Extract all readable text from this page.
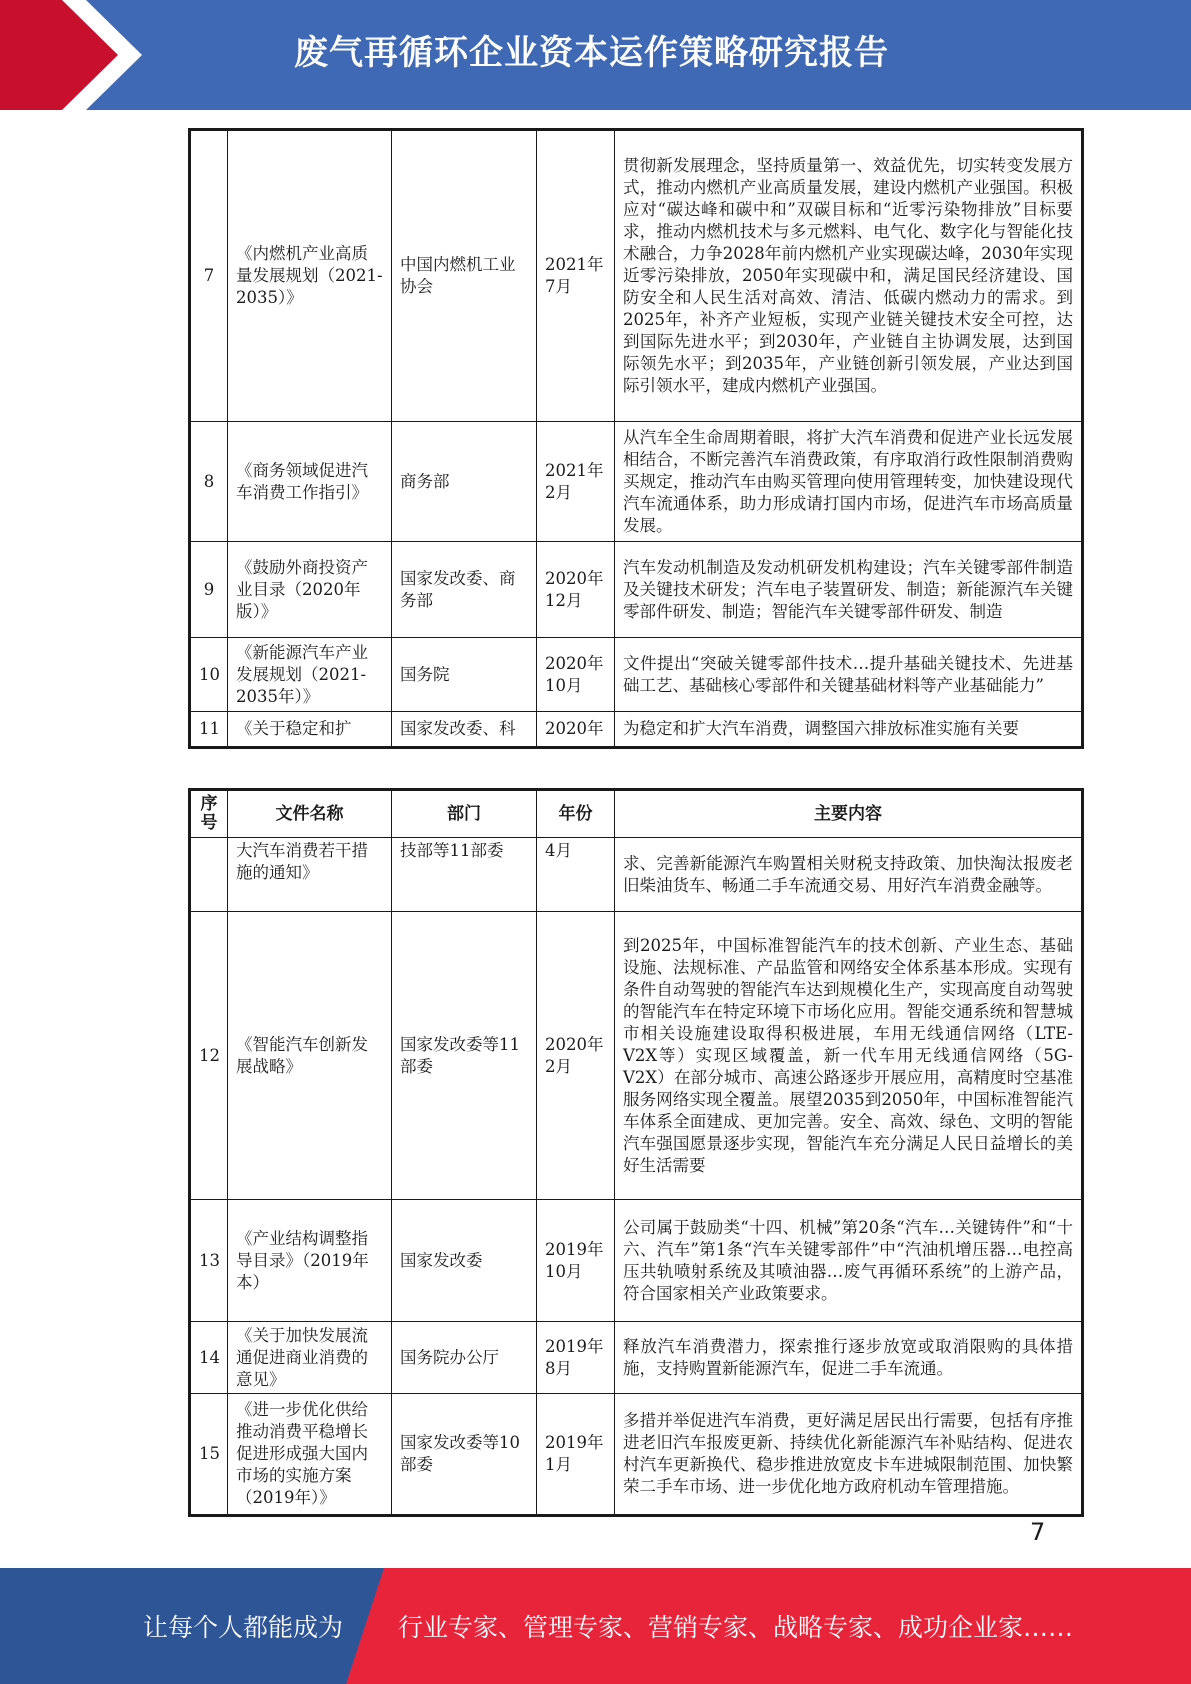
废气再循环企业资本运作策略研究报告
7	《内燃机产业高质量发展规划（2021-2035）》	中国内燃机工业协会	2021年7月	贯彻新发展理念，坚持质量第一、效益优先，切实转变发展方式，推动内燃机产业高质量发展，建设内燃机产业强国。积极应对“碳达峰和碳中和”双碳目标和“近零污染物排放”目标要求，推动内燃机技术与多元燃料、电气化、数字化与智能化技术融合，力争2028年前内燃机产业实现碳达峰，2030年实现近零污染排放，2050年实现碳中和，满足国民经济建设、国防安全和人民生活对高效、清洁、低碳内燃动力的需求。到2025年，补齐产业短板，实现产业链关键技术安全可控，达到国际先进水平；到2030年，产业链自主协调发展，达到国际领先水平；到2035年，产业链创新引领发展，产业达到国际引领水平，建成内燃机产业强国。
8	《商务领域促进汽车消费工作指引》	商务部	2021年2月	从汽车全生命周期着眼，将扩大汽车消费和促进产业长远发展相结合，不断完善汽车消费政策，有序取消行政性限制消费购买规定，推动汽车由购买管理向使用管理转变，加快建设现代汽车流通体系，助力形成请打国内市场，促进汽车市场高质量发展。
9	《鼓励外商投资产业目录（2020年版）》	国家发改委、商务部	2020年12月	汽车发动机制造及发动机研发机构建设；汽车关键零部件制造及关键技术研发；汽车电子装置研发、制造；新能源汽车关键零部件研发、制造；智能汽车关键零部件研发、制造
10	《新能源汽车产业发展规划（2021-2035年）》	国务院	2020年10月	文件提出“突破关键零部件技术…提升基础关键技术、先进基础工艺、基础核心零部件和关键基础材料等产业基础能力”
11	《关于稳定和扩	国家发改委、科	2020年	为稳定和扩大汽车消费，调整国六排放标准实施有关要
序号	文件名称	部门	年份	主要内容
	大汽车消费若干措施的通知》	技部等11部委	4月	求、完善新能源汽车购置相关财税支持政策、加快淘汰报废老旧柴油货车、畅通二手车流通交易、用好汽车消费金融等。
12	《智能汽车创新发展战略》	国家发改委等11部委	2020年2月	到2025年，中国标准智能汽车的技术创新、产业生态、基础设施、法规标准、产品监管和网络安全体系基本形成。实现有条件自动驾驶的智能汽车达到规模化生产，实现高度自动驾驶的智能汽车在特定环境下市场化应用。智能交通系统和智慧城市相关设施建设取得积极进展，车用无线通信网络（LTE-V2X等）实现区域覆盖，新一代车用无线通信网络（5G-V2X）在部分城市、高速公路逐步开展应用，高精度时空基准服务网络实现全覆盖。展望2035到2050年，中国标准智能汽车体系全面建成、更加完善。安全、高效、绿色、文明的智能汽车强国愿景逐步实现，智能汽车充分满足人民日益增长的美好生活需要
13	《产业结构调整指导目录》（2019年本）	国家发改委	2019年10月	公司属于鼓励类“十四、机械”第20条“汽车…关键铸件”和“十六、汽车”第1条“汽车关键零部件”中“汽油机增压器…电控高压共轨喷射系统及其喷油器…废气再循环系统”的上游产品，符合国家相关产业政策要求。
14	《关于加快发展流通促进商业消费的意见》	国务院办公厅	2019年8月	释放汽车消费潜力，探索推行逐步放宽或取消限购的具体措施，支持购置新能源汽车，促进二手车流通。
15	《进一步优化供给推动消费平稳增长促进形成强大国内市场的实施方案（2019年）》	国家发改委等10部委	2019年1月	多措并举促进汽车消费，更好满足居民出行需要，包括有序推进老旧汽车报废更新、持续优化新能源汽车补贴结构、促进农村汽车更新换代、稳步推进放宽皮卡车进城限制范围、加快繁荣二手车市场、进一步优化地方政府机动车管理措施。
7
让每个人都能成为 行业专家、管理专家、营销专家、战略专家、成功企业家……
